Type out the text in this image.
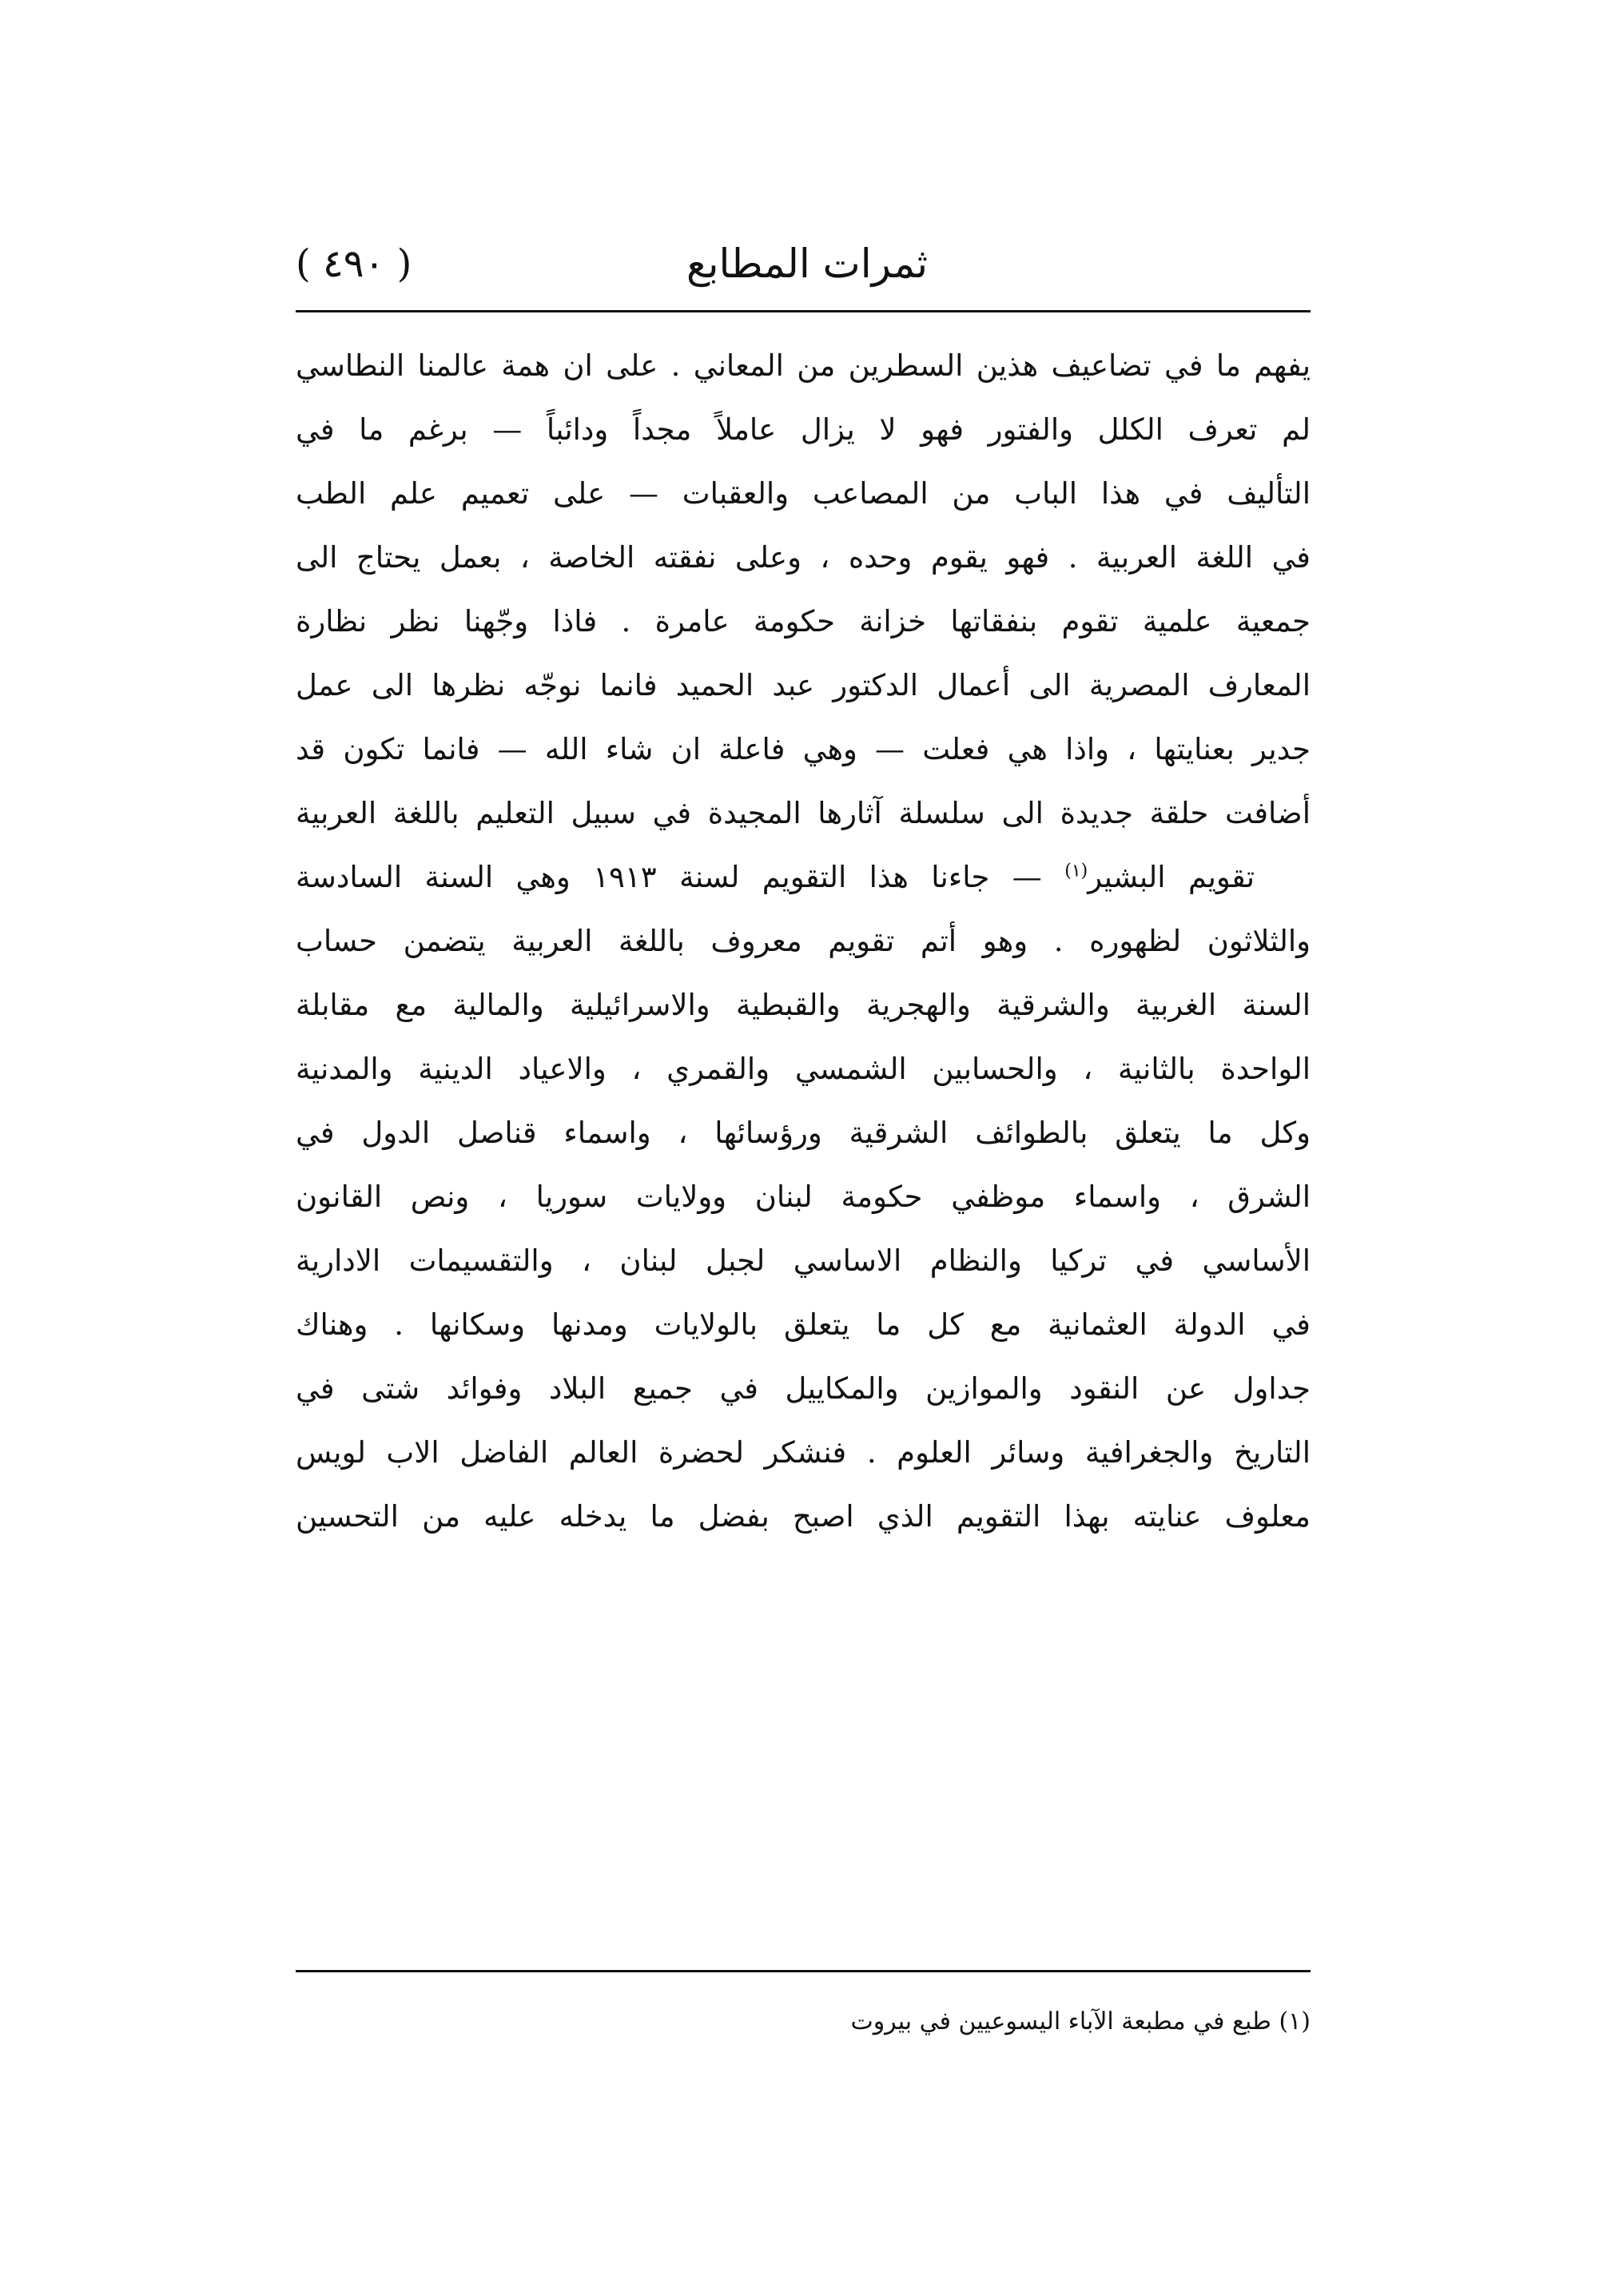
( ٤٩٠ )	ثمرات المطابع
يفهم ما في تضاعيف هذين السطرين من المعاني . على ان همة عالمنا النطاسي
لم تعرف الكلل والفتور فهو لا يزال عاملاً مجداً ودائباً — برغم ما في
التأليف في هذا الباب من المصاعب والعقبات — على تعميم علم الطب
في اللغة العربية . فهو يقوم وحده ، وعلى نفقته الخاصة ، بعمل يحتاج الى
جمعية علمية تقوم بنفقاتها خزانة حكومة عامرة . فاذا وجّهنا نظر نظارة
المعارف المصرية الى أعمال الدكتور عبد الحميد فانما نوجّه نظرها الى عمل
جدير بعنايتها ، واذا هي فعلت — وهي فاعلة ان شاء الله — فانما تكون قد
أضافت حلقة جديدة الى سلسلة آثارها المجيدة في سبيل التعليم باللغة العربية
تقويم البشير$^{(١)}$ — جاءنا هذا التقويم لسنة ١٩١٣ وهي السنة السادسة
والثلاثون لظهوره . وهو أتم تقويم معروف باللغة العربية يتضمن حساب
السنة الغربية والشرقية والهجرية والقبطية والاسرائيلية والمالية مع مقابلة
الواحدة بالثانية ، والحسابين الشمسي والقمري ، والاعياد الدينية والمدنية
وكل ما يتعلق بالطوائف الشرقية ورؤسائها ، واسماء قناصل الدول في
الشرق ، واسماء موظفي حكومة لبنان وولايات سوريا ، ونص القانون
الأساسي في تركيا والنظام الاساسي لجبل لبنان ، والتقسيمات الادارية
في الدولة العثمانية مع كل ما يتعلق بالولايات ومدنها وسكانها . وهناك
جداول عن النقود والموازين والمكاييل في جميع البلاد وفوائد شتى في
التاريخ والجغرافية وسائر العلوم . فنشكر لحضرة العالم الفاضل الاب لويس
معلوف عنايته بهذا التقويم الذي اصبح بفضل ما يدخله عليه من التحسين
(١) طبع في مطبعة الآباء اليسوعيين في بيروت
